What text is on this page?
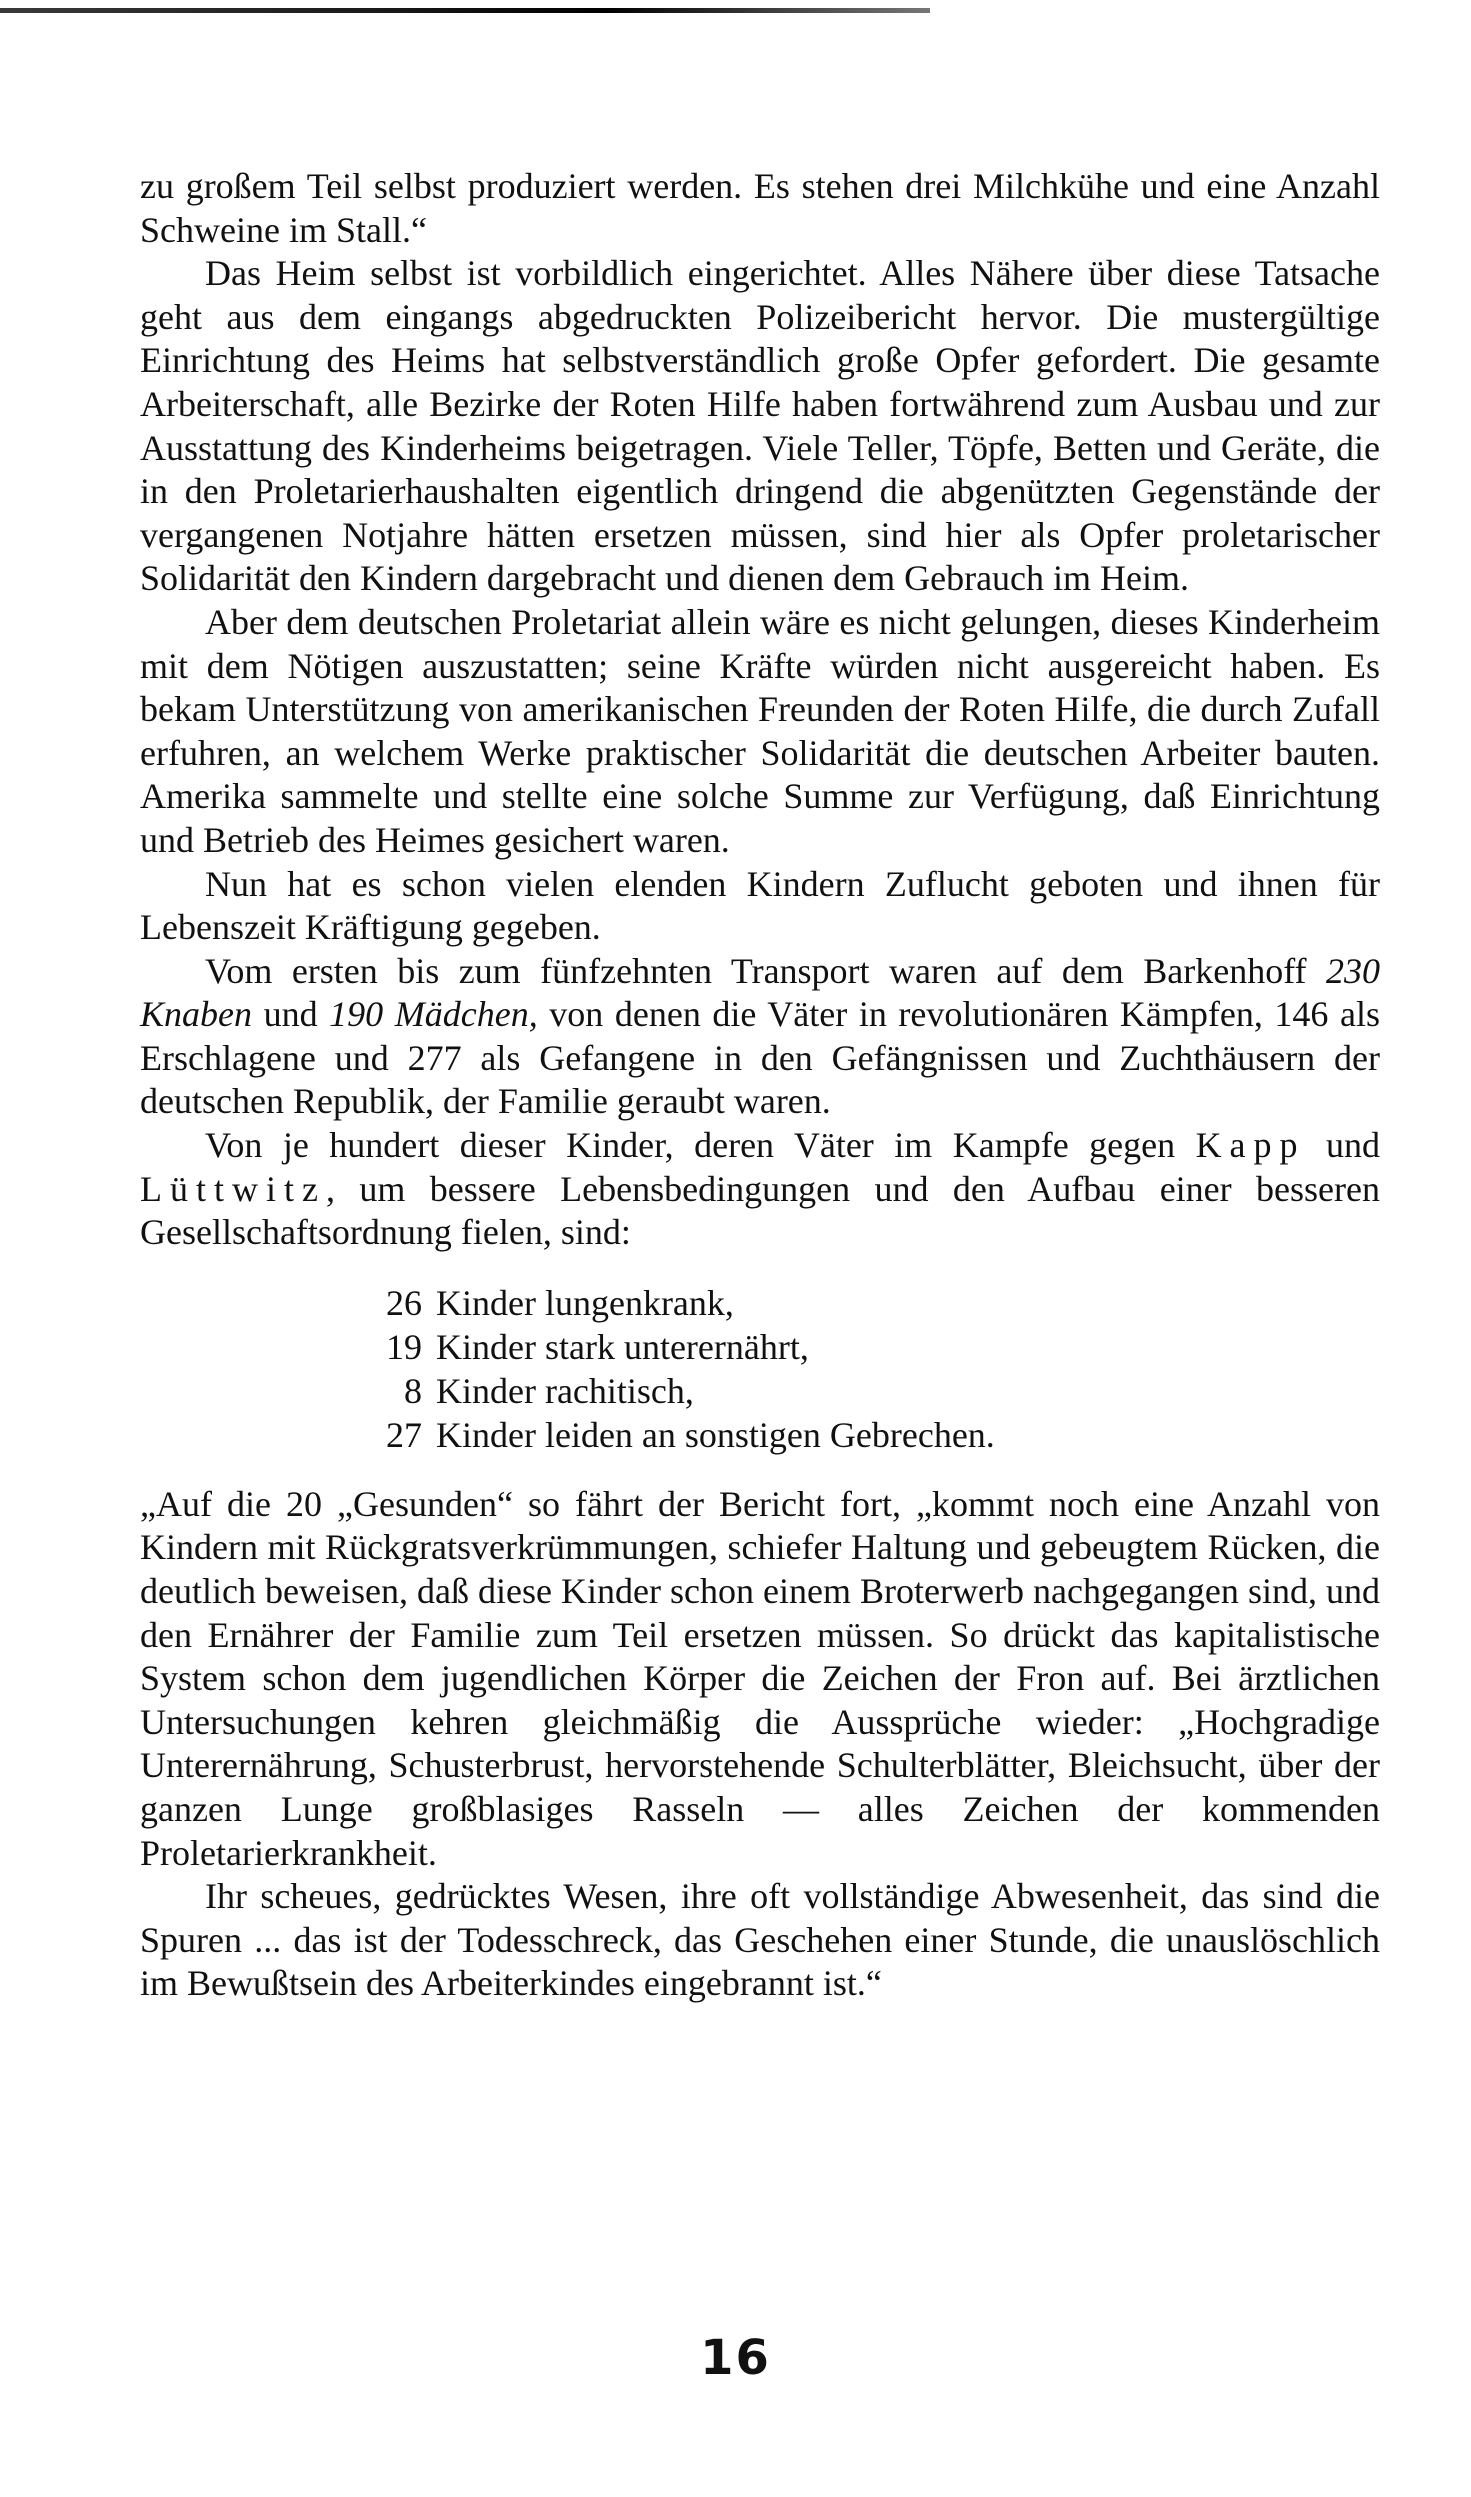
zu großem Teil selbst produziert werden. Es stehen drei Milchkühe und eine Anzahl Schweine im Stall.“

Das Heim selbst ist vorbildlich eingerichtet. Alles Nähere über diese Tatsache geht aus dem eingangs abgedruckten Polizeibericht hervor. Die mustergültige Einrichtung des Heims hat selbstverständlich große Opfer gefordert. Die gesamte Arbeiterschaft, alle Bezirke der Roten Hilfe haben fortwährend zum Ausbau und zur Ausstattung des Kinderheims beigetragen. Viele Teller, Töpfe, Betten und Geräte, die in den Proletarierhaushalten eigentlich dringend die abgenützten Gegenstände der vergangenen Notjahre hätten ersetzen müssen, sind hier als Opfer proletarischer Solidarität den Kindern dargebracht und dienen dem Gebrauch im Heim.

Aber dem deutschen Proletariat allein wäre es nicht gelungen, dieses Kinderheim mit dem Nötigen auszustatten; seine Kräfte würden nicht ausgereicht haben. Es bekam Unterstützung von amerikanischen Freunden der Roten Hilfe, die durch Zufall erfuhren, an welchem Werke praktischer Solidarität die deutschen Arbeiter bauten. Amerika sammelte und stellte eine solche Summe zur Verfügung, daß Einrichtung und Betrieb des Heimes gesichert waren.

Nun hat es schon vielen elenden Kindern Zuflucht geboten und ihnen für Lebenszeit Kräftigung gegeben.

Vom ersten bis zum fünfzehnten Transport waren auf dem Barkenhoff 230 Knaben und 190 Mädchen, von denen die Väter in revolutionären Kämpfen, 146 als Erschlagene und 277 als Gefangene in den Gefängnissen und Zuchthäusern der deutschen Republik, der Familie geraubt waren.

Von je hundert dieser Kinder, deren Väter im Kampfe gegen Kapp und Lüttwitz, um bessere Lebensbedingungen und den Aufbau einer besseren Gesellschaftsordnung fielen, sind:

26 Kinder lungenkrank,
19 Kinder stark unterernährt,
8 Kinder rachitisch,
27 Kinder leiden an sonstigen Gebrechen.

„Auf die 20 „Gesunden“ so fährt der Bericht fort, „kommt noch eine Anzahl von Kindern mit Rückgratsverkrümmungen, schiefer Haltung und gebeugtem Rücken, die deutlich beweisen, daß diese Kinder schon einem Broterwerb nachgegangen sind, und den Ernährer der Familie zum Teil ersetzen müssen. So drückt das kapitalistische System schon dem jugendlichen Körper die Zeichen der Fron auf. Bei ärztlichen Untersuchungen kehren gleichmäßig die Aussprüche wieder: „Hochgradige Unterernährung, Schusterbrust, hervorstehende Schulterblätter, Bleichsucht, über der ganzen Lunge großblasiges Rasseln — alles Zeichen der kommenden Proletarierkrankheit.

Ihr scheues, gedrücktes Wesen, ihre oft vollständige Abwesenheit, das sind die Spuren ... das ist der Todesschreck, das Geschehen einer Stunde, die unauslöschlich im Bewußtsein des Arbeiterkindes eingebrannt ist.“

16
